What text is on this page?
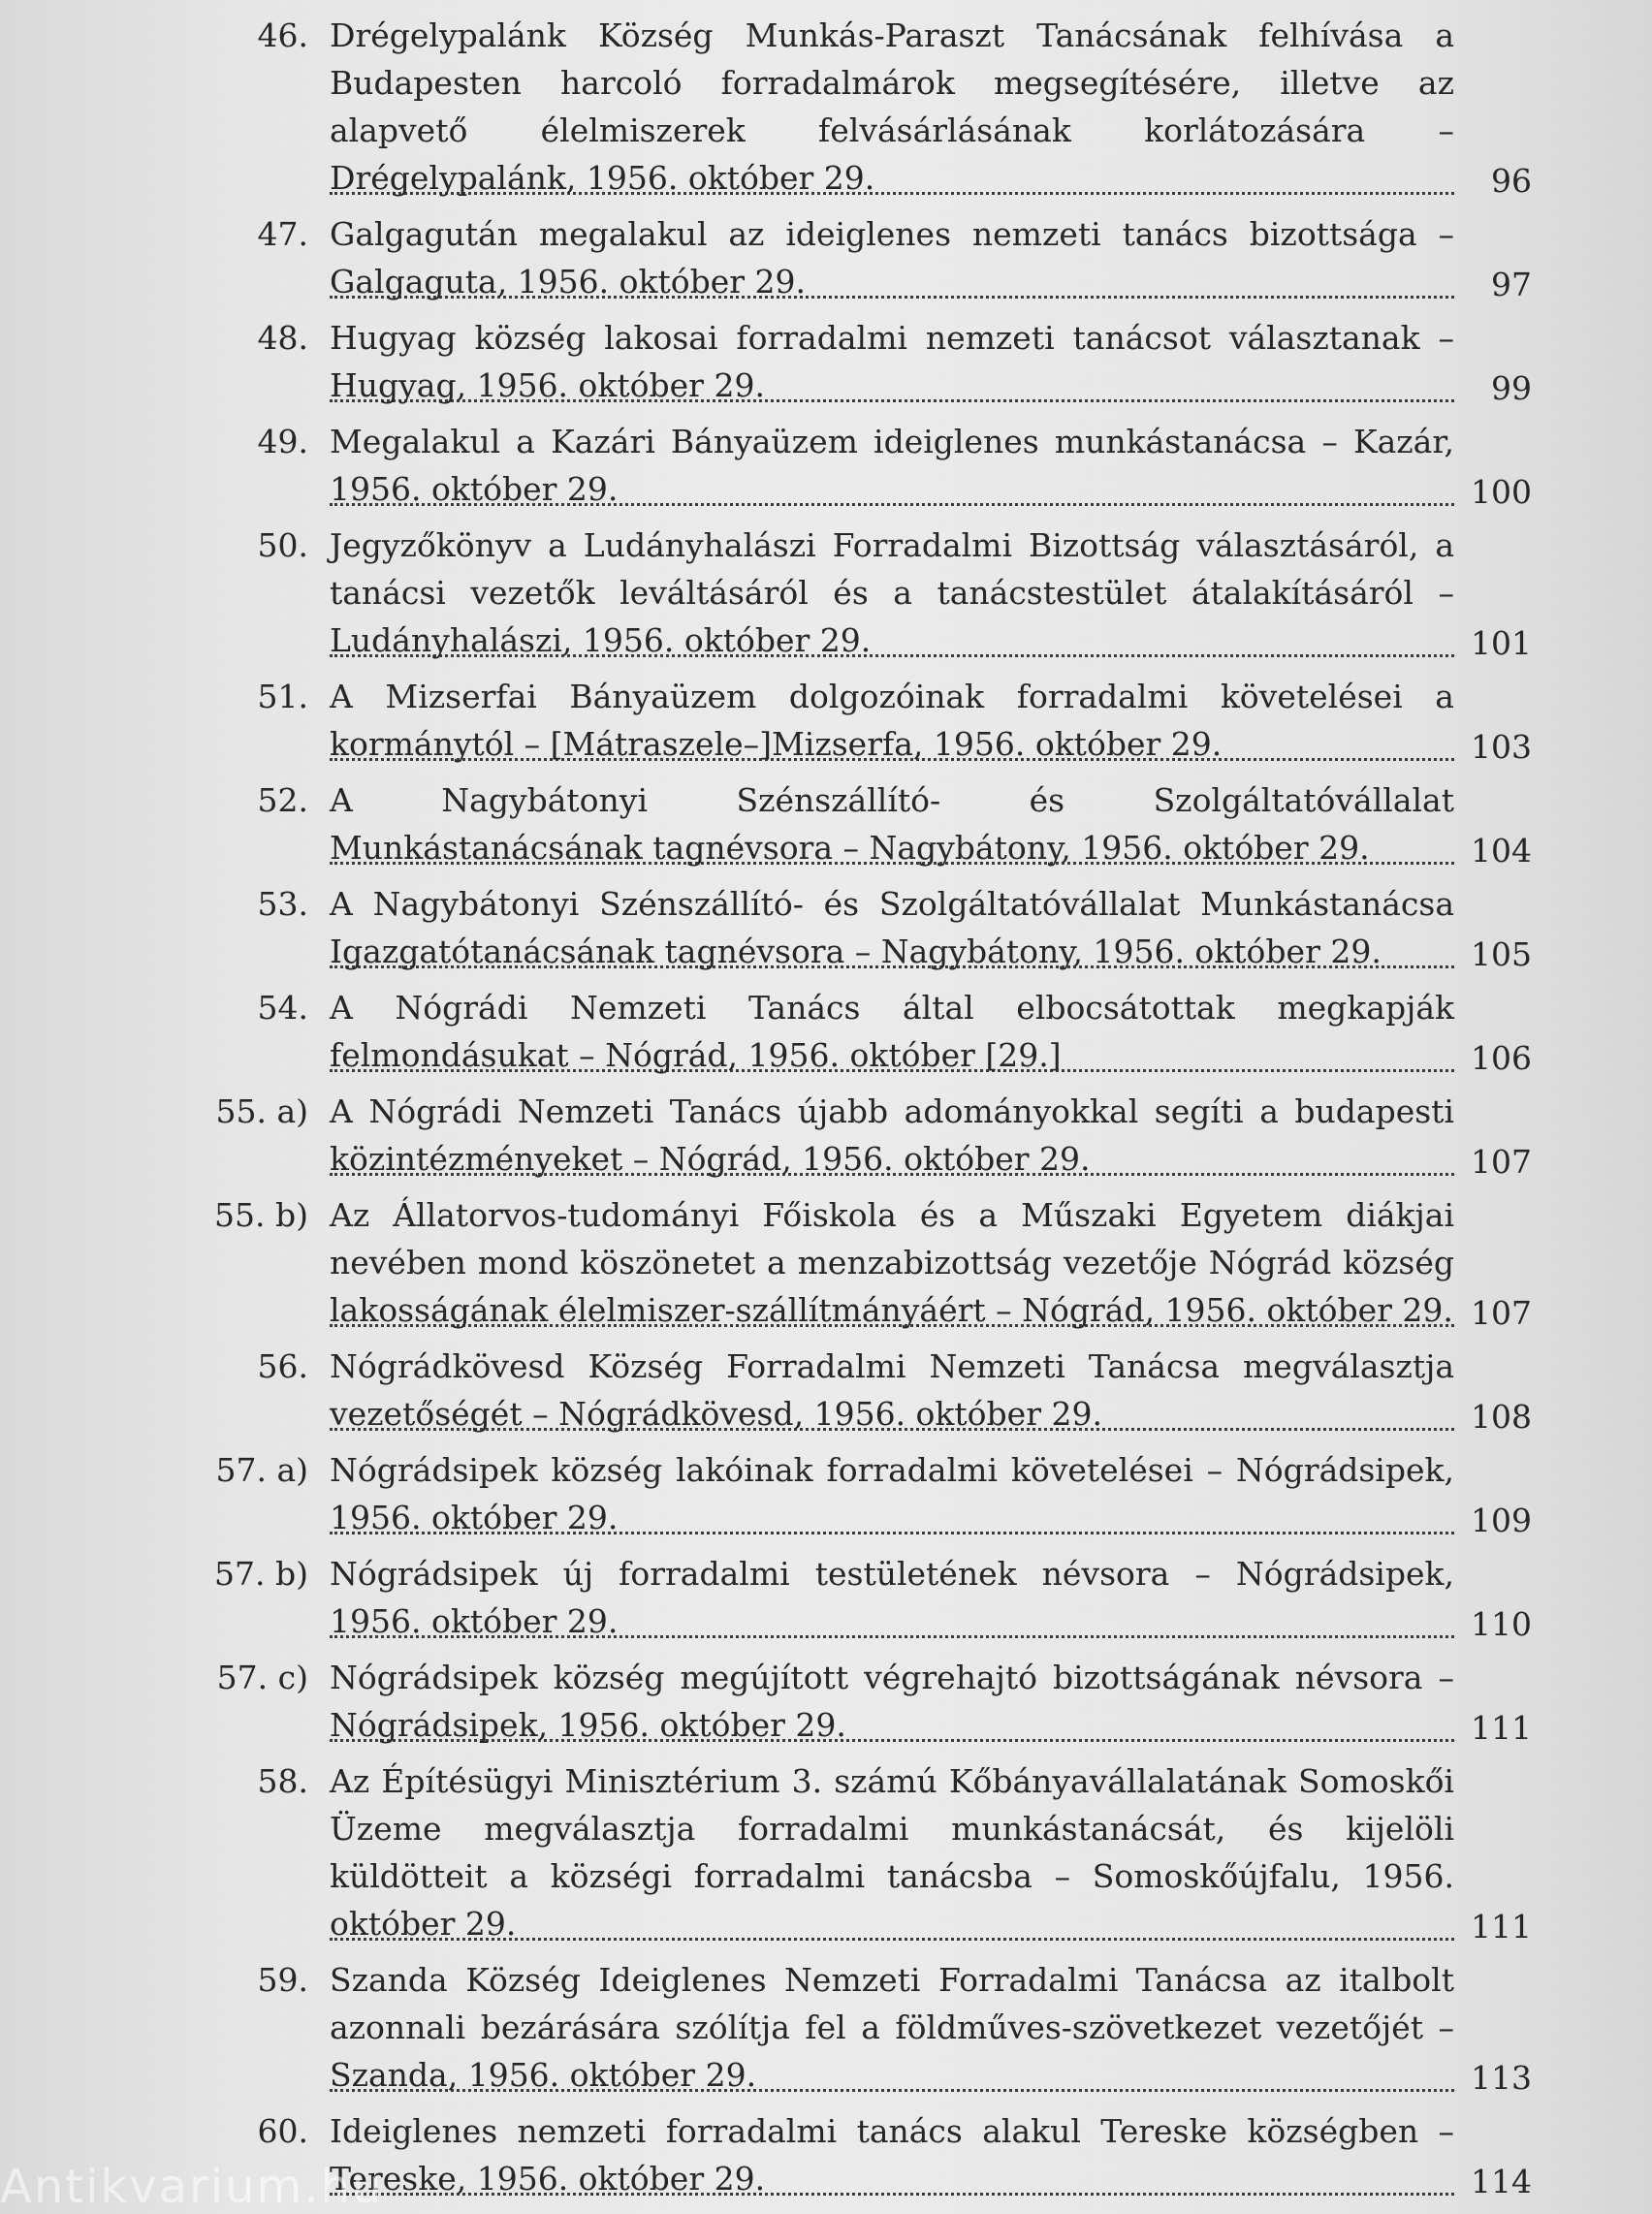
46. Drégelypalánk Község Munkás-Paraszt Tanácsának felhívása a Budapesten harcoló forradalmárok megsegítésére, illetve az alapvető élelmiszerek felvásárlásának korlátozására – Drégelypalánk, 1956. október 29.	96
47. Galgagután megalakul az ideiglenes nemzeti tanács bizottsága – Galgaguta, 1956. október 29.	97
48. Hugyag község lakosai forradalmi nemzeti tanácsot választanak – Hugyag, 1956. október 29.	99
49. Megalakul a Kazári Bányaüzem ideiglenes munkástanácsa – Kazár, 1956. október 29.	100
50. Jegyzőkönyv a Ludányhalászi Forradalmi Bizottság választásáról, a tanácsi vezetők leváltásáról és a tanácstestület átalakításáról – Ludányhalászi, 1956. október 29.	101
51. A Mizserfai Bányaüzem dolgozóinak forradalmi követelései a kormánytól – [Mátraszele–]Mizserfa, 1956. október 29.	103
52. A Nagybátonyi Szénszállító- és Szolgáltatóvállalat Munkástanácsának tagnévsora – Nagybátony, 1956. október 29.	104
53. A Nagybátonyi Szénszállító- és Szolgáltatóvállalat Munkástanácsa Igazgatótanácsának tagnévsora – Nagybátony, 1956. október 29.	105
54. A Nógrádi Nemzeti Tanács által elbocsátottak megkapják felmondásukat – Nógrád, 1956. október [29.]	106
55. a) A Nógrádi Nemzeti Tanács újabb adományokkal segíti a budapesti közintézményeket – Nógrád, 1956. október 29.	107
55. b) Az Állatorvos-tudományi Főiskola és a Műszaki Egyetem diákjai nevében mond köszönetet a menzabizottság vezetője Nógrád község lakosságának élelmiszer-szállítmányáért – Nógrád, 1956. október 29. 107
56. Nógrádkövesd Község Forradalmi Nemzeti Tanácsa megválasztja vezetőségét – Nógrádkövesd, 1956. október 29.	108
57. a) Nógrádsipek község lakóinak forradalmi követelései – Nógrádsipek, 1956. október 29.	109
57. b) Nógrádsipek új forradalmi testületének névsora – Nógrádsipek, 1956. október 29.	110
57. c) Nógrádsipek község megújított végrehajtó bizottságának névsora – Nógrádsipek, 1956. október 29.	111
58. Az Építésügyi Minisztérium 3. számú Kőbányavállalatának Somoskői Üzeme megválasztja forradalmi munkástanácsát, és kijelöli küldötteit a községi forradalmi tanácsba – Somoskőújfalu, 1956. október 29.	111
59. Szanda Község Ideiglenes Nemzeti Forradalmi Tanácsa az italbolt azonnali bezárására szólítja fel a földműves-szövetkezet vezetőjét – Szanda, 1956. október 29.	113
60. Ideiglenes nemzeti forradalmi tanács alakul Tereske községben – Tereske, 1956. október 29.	114
Antikvarium.hu
